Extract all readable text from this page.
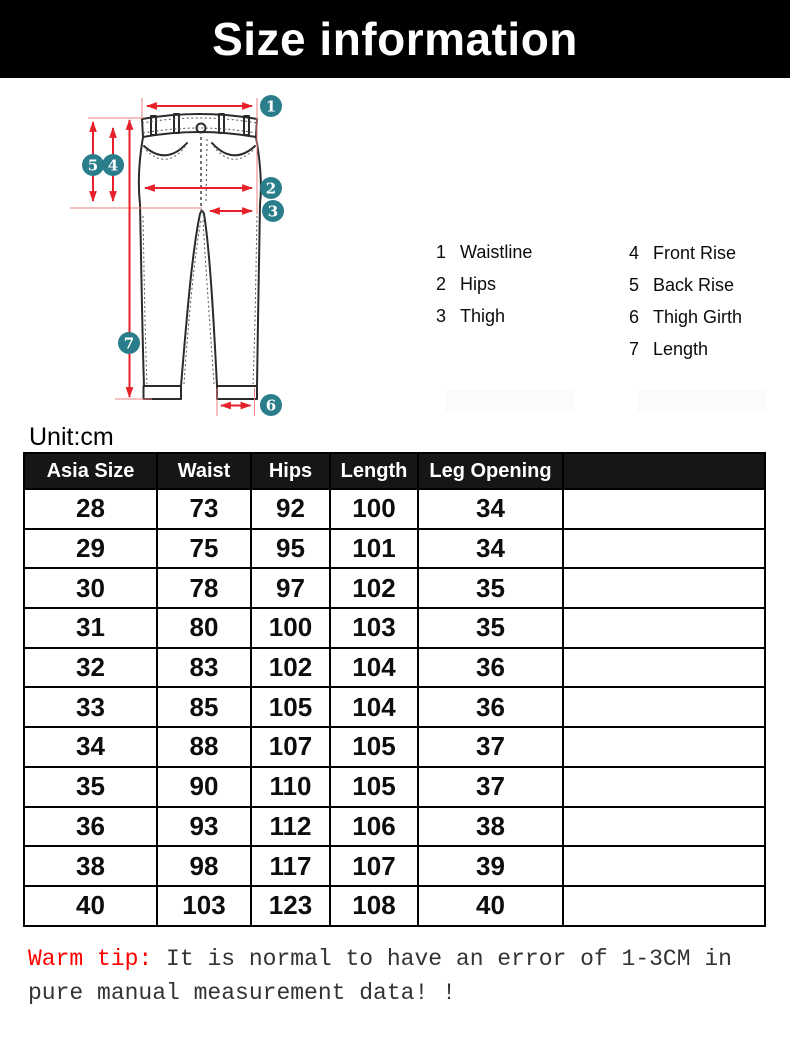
Size information
1
2
3
4
5
6
7
1 Waistline
2 Hips
3 Thigh
4 Front Rise
5 Back Rise
6 Thigh Girth
7 Length
Unit:cm
Asia Size	Waist	Hips	Length	Leg Opening	
28	73	92	100	34	
29	75	95	101	34	
30	78	97	102	35	
31	80	100	103	35	
32	83	102	104	36	
33	85	105	104	36	
34	88	107	105	37	
35	90	110	105	37	
36	93	112	106	38	
38	98	117	107	39	
40	103	123	108	40	

Warm tip: It is normal to have an error of 1-3CM in
pure manual measurement data! !
